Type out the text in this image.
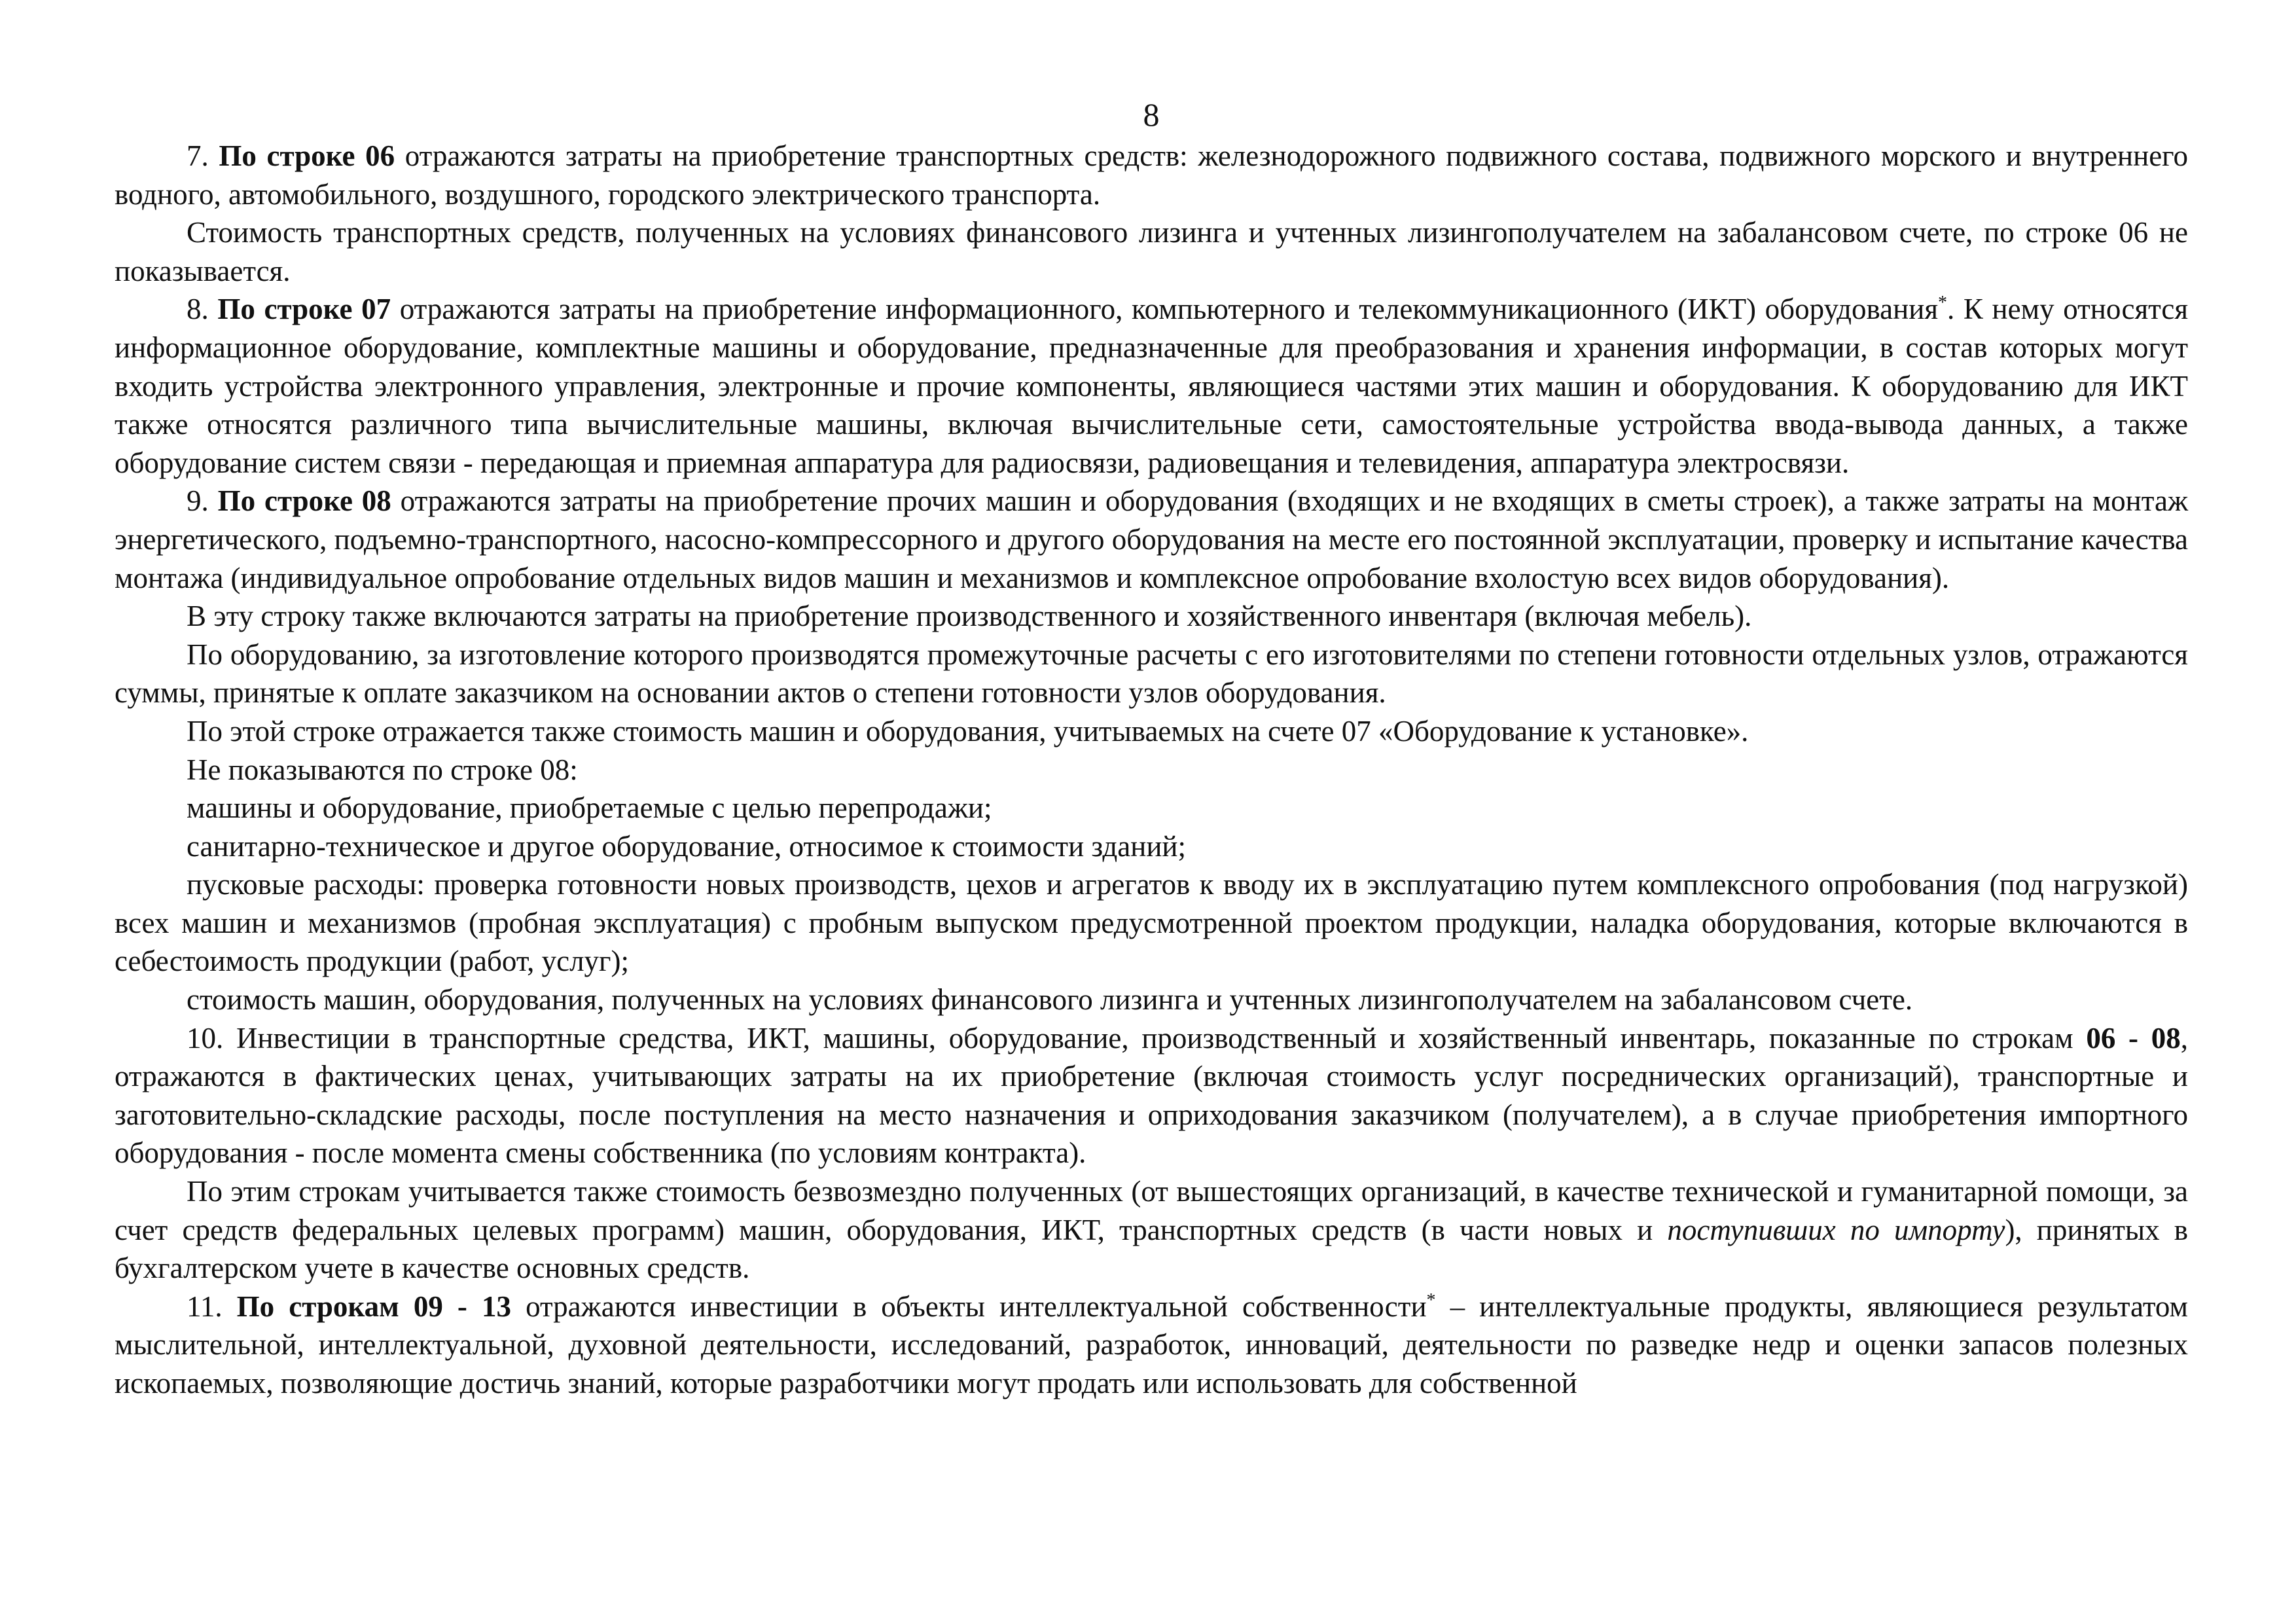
8

7. По строке 06 отражаются затраты на приобретение транспортных средств: железнодорожного подвижного состава, подвижного морского и внутреннего водного, автомобильного, воздушного, городского электрического транспорта.

Стоимость транспортных средств, полученных на условиях финансового лизинга и учтенных лизингополучателем на забалансовом счете, по строке 06 не показывается.

8. По строке 07 отражаются затраты на приобретение информационного, компьютерного и телекоммуникационного (ИКТ) оборудования*. К нему относятся информационное оборудование, комплектные машины и оборудование, предназначенные для преобразования и хранения информации, в состав которых могут входить устройства электронного управления, электронные и прочие компоненты, являющиеся частями этих машин и оборудования. К оборудованию для ИКТ также относятся различного типа вычислительные машины, включая вычислительные сети, самостоятельные устройства ввода-вывода данных, а также оборудование систем связи - передающая и приемная аппаратура для радиосвязи, радиовещания и телевидения, аппаратура электросвязи.

9. По строке 08 отражаются затраты на приобретение прочих машин и оборудования (входящих и не входящих в сметы строек), а также затраты на монтаж энергетического, подъемно-транспортного, насосно-компрессорного и другого оборудования на месте его постоянной эксплуатации, проверку и испытание качества монтажа (индивидуальное опробование отдельных видов машин и механизмов и комплексное опробование вхолостую всех видов оборудования).

В эту строку также включаются затраты на приобретение производственного и хозяйственного инвентаря (включая мебель).

По оборудованию, за изготовление которого производятся промежуточные расчеты с его изготовителями по степени готовности отдельных узлов, отражаются суммы, принятые к оплате заказчиком на основании актов о степени готовности узлов оборудования.

По этой строке отражается также стоимость машин и оборудования, учитываемых на счете 07 «Оборудование к установке».

Не показываются по строке 08:

машины и оборудование, приобретаемые с целью перепродажи;

санитарно-техническое и другое оборудование, относимое к стоимости зданий;

пусковые расходы: проверка готовности новых производств, цехов и агрегатов к вводу их в эксплуатацию путем комплексного опробования (под нагрузкой) всех машин и механизмов (пробная эксплуатация) с пробным выпуском предусмотренной проектом продукции, наладка оборудования, которые включаются в себестоимость продукции (работ, услуг);

стоимость машин, оборудования, полученных на условиях финансового лизинга и учтенных лизингополучателем на забалансовом счете.

10. Инвестиции в транспортные средства, ИКТ, машины, оборудование, производственный и хозяйственный инвентарь, показанные по строкам 06 - 08, отражаются в фактических ценах, учитывающих затраты на их приобретение (включая стоимость услуг посреднических организаций), транспортные и заготовительно-складские расходы, после поступления на место назначения и оприходования заказчиком (получателем), а в случае приобретения импортного оборудования - после момента смены собственника (по условиям контракта).

По этим строкам учитывается также стоимость безвозмездно полученных (от вышестоящих организаций, в качестве технической и гуманитарной помощи, за счет средств федеральных целевых программ) машин, оборудования, ИКТ, транспортных средств (в части новых и поступивших по импорту), принятых в бухгалтерском учете в качестве основных средств.

11. По строкам 09 - 13 отражаются инвестиции в объекты интеллектуальной собственности* – интеллектуальные продукты, являющиеся результатом мыслительной, интеллектуальной, духовной деятельности, исследований, разработок, инноваций, деятельности по разведке недр и оценки запасов полезных ископаемых, позволяющие достичь знаний, которые разработчики могут продать или использовать для собственной
